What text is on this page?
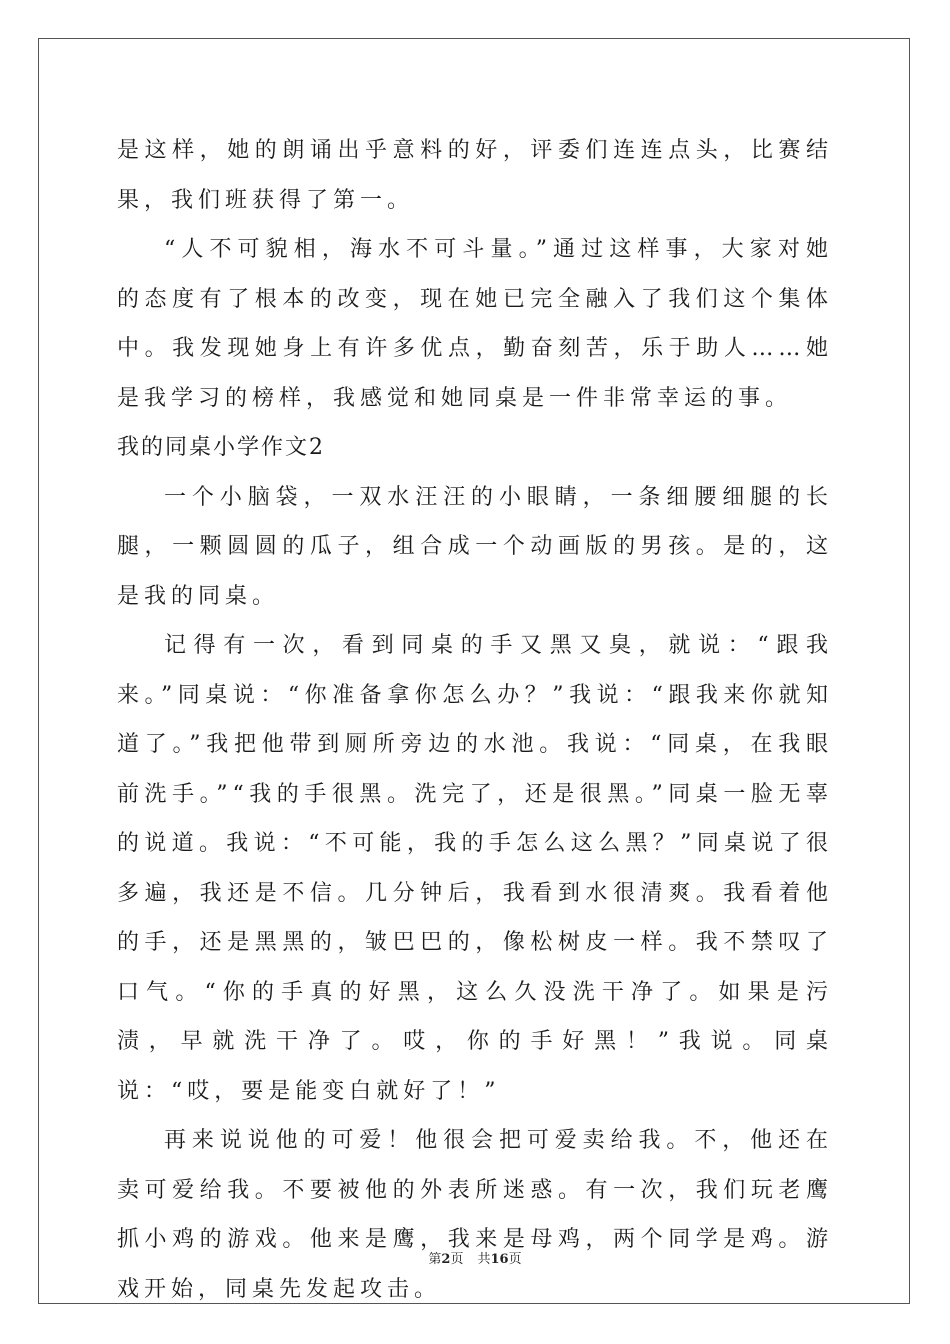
是这样，她的朗诵出乎意料的好，评委们连连点头，比赛结果，我们班获得了第一。

“人不可貌相，海水不可斗量。”通过这样事，大家对她的态度有了根本的改变，现在她已完全融入了我们这个集体中。我发现她身上有许多优点，勤奋刻苦，乐于助人……她是我学习的榜样，我感觉和她同桌是一件非常幸运的事。

我的同桌小学作文2

一个小脑袋，一双水汪汪的小眼睛，一条细腰细腿的长腿，一颗圆圆的瓜子，组合成一个动画版的男孩。是的，这是我的同桌。

记得有一次，看到同桌的手又黑又臭，就说：“跟我来。”同桌说：“你准备拿你怎么办？”我说：“跟我来你就知道了。”我把他带到厕所旁边的水池。我说：“同桌，在我眼前洗手。”“我的手很黑。洗完了，还是很黑。”同桌一脸无辜的说道。我说：“不可能，我的手怎么这么黑？”同桌说了很多遍，我还是不信。几分钟后，我看到水很清爽。我看着他的手，还是黑黑的，皱巴巴的，像松树皮一样。我不禁叹了口气。“你的手真的好黑，这么久没洗干净了。如果是污渍，早就洗干净了。哎，你的手好黑！”我说。同桌说：“哎，要是能变白就好了！”

再来说说他的可爱！他很会把可爱卖给我。不，他还在卖可爱给我。不要被他的外表所迷惑。有一次，我们玩老鹰抓小鸡的游戏。他来是鹰，我来是母鸡，两个同学是鸡。游戏开始，同桌先发起攻击。

第2页 共16页
